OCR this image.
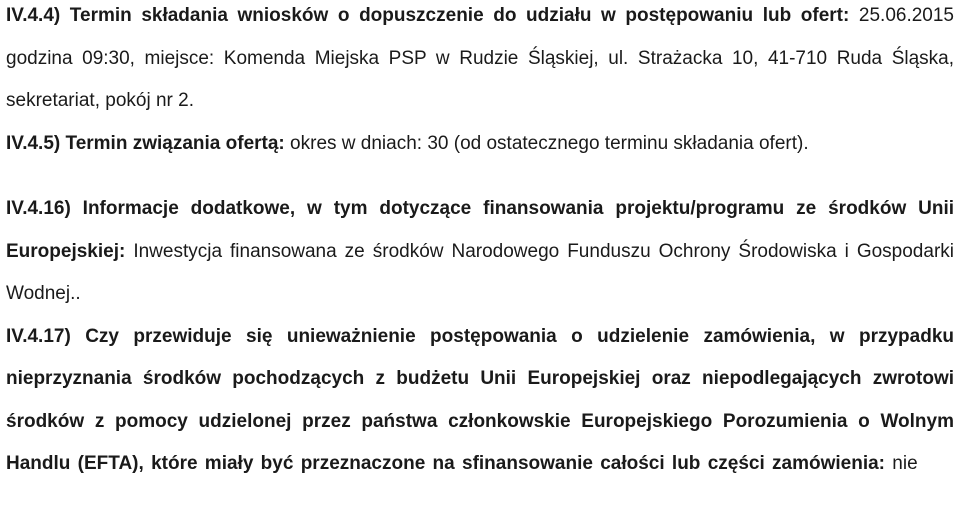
IV.4.4) Termin składania wniosków o dopuszczenie do udziału w postępowaniu lub ofert: 25.06.2015 godzina 09:30, miejsce: Komenda Miejska PSP w Rudzie Śląskiej, ul. Strażacka 10, 41-710 Ruda Śląska, sekretariat, pokój nr 2.

IV.4.5) Termin związania ofertą: okres w dniach: 30 (od ostatecznego terminu składania ofert).

IV.4.16) Informacje dodatkowe, w tym dotyczące finansowania projektu/programu ze środków Unii Europejskiej: Inwestycja finansowana ze środków Narodowego Funduszu Ochrony Środowiska i Gospodarki Wodnej..

IV.4.17) Czy przewiduje się unieważnienie postępowania o udzielenie zamówienia, w przypadku nieprzyznania środków pochodzących z budżetu Unii Europejskiej oraz niepodlegających zwrotowi środków z pomocy udzielonej przez państwa członkowskie Europejskiego Porozumienia o Wolnym Handlu (EFTA), które miały być przeznaczone na sfinansowanie całości lub części zamówienia: nie
